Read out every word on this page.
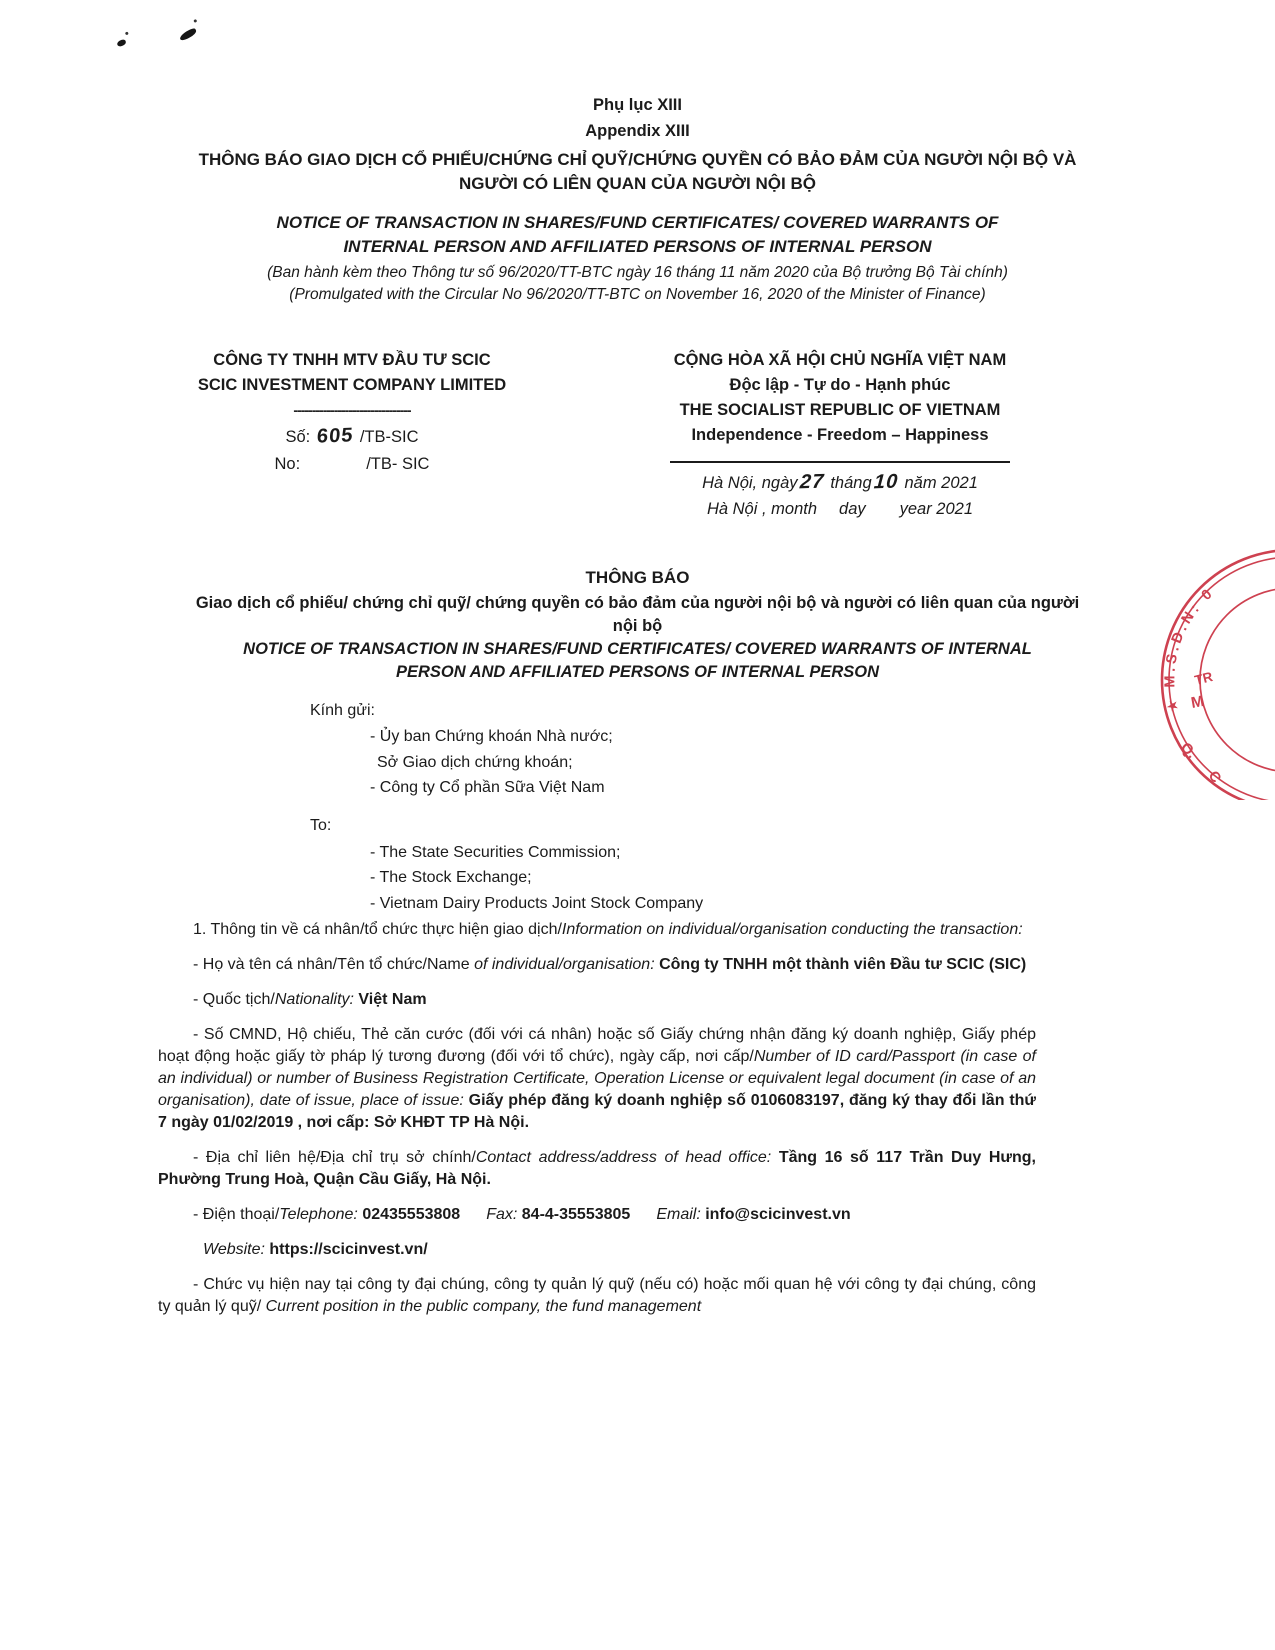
Phụ lục XIII
Appendix XIII
THÔNG BÁO GIAO DỊCH CỔ PHIẾU/CHỨNG CHỈ QUỸ/CHỨNG QUYỀN CÓ BẢO ĐẢM CỦA NGƯỜI NỘI BỘ VÀ NGƯỜI CÓ LIÊN QUAN CỦA NGƯỜI NỘI BỘ
NOTICE OF TRANSACTION IN SHARES/FUND CERTIFICATES/ COVERED WARRANTS OF INTERNAL PERSON AND AFFILIATED PERSONS OF INTERNAL PERSON
(Ban hành kèm theo Thông tư số 96/2020/TT-BTC ngày 16 tháng 11 năm 2020 của Bộ trưởng Bộ Tài chính)
(Promulgated with the Circular No 96/2020/TT-BTC on November 16, 2020 of the Minister of Finance)
CÔNG TY TNHH MTV ĐẦU TƯ SCIC
SCIC INVESTMENT COMPANY LIMITED
--------------------------------
Số: 605 /TB-SIC
No:	/TB- SIC
CỘNG HÒA XÃ HỘI CHỦ NGHĨA VIỆT NAM
Độc lập - Tự do - Hạnh phúc
THE SOCIALIST REPUBLIC OF VIETNAM
Independence - Freedom – Happiness
Hà Nội, ngày27 tháng10 năm 2021
Hà Nội , month day year 2021
★ M.S.D.N: 0
TR
M
Q.
C
THÔNG BÁO
Giao dịch cổ phiếu/ chứng chỉ quỹ/ chứng quyền có bảo đảm của người nội bộ và người có liên quan của người nội bộ
NOTICE OF TRANSACTION IN SHARES/FUND CERTIFICATES/ COVERED WARRANTS OF INTERNAL PERSON AND AFFILIATED PERSONS OF INTERNAL PERSON
Kính gửi:
- Ủy ban Chứng khoán Nhà nước;
Sở Giao dịch chứng khoán;
- Công ty Cổ phần Sữa Việt Nam
To:
- The State Securities Commission;
- The Stock Exchange;
- Vietnam Dairy Products Joint Stock Company

1. Thông tin về cá nhân/tổ chức thực hiện giao dịch/Information on individual/organisation conducting the transaction:

- Họ và tên cá nhân/Tên tổ chức/Name of individual/organisation: Công ty TNHH một thành viên Đầu tư SCIC (SIC)

- Quốc tịch/Nationality: Việt Nam

- Số CMND, Hộ chiếu, Thẻ căn cước (đối với cá nhân) hoặc số Giấy chứng nhận đăng ký doanh nghiệp, Giấy phép hoạt động hoặc giấy tờ pháp lý tương đương (đối với tổ chức), ngày cấp, nơi cấp/Number of ID card/Passport (in case of an individual) or number of Business Registration Certificate, Operation License or equivalent legal document (in case of an organisation), date of issue, place of issue: Giấy phép đăng ký doanh nghiệp số 0106083197, đăng ký thay đổi lần thứ 7 ngày 01/02/2019 , nơi cấp: Sở KHĐT TP Hà Nội.

- Địa chỉ liên hệ/Địa chỉ trụ sở chính/Contact address/address of head office: Tầng 16 số 117 Trần Duy Hưng, Phường Trung Hoà, Quận Cầu Giấy, Hà Nội.

- Điện thoại/Telephone: 02435553808 Fax: 84-4-35553805 Email: info@scicinvest.vn

Website: https://scicinvest.vn/

- Chức vụ hiện nay tại công ty đại chúng, công ty quản lý quỹ (nếu có) hoặc mối quan hệ với công ty đại chúng, công ty quản lý quỹ/ Current position in the public company, the fund management
